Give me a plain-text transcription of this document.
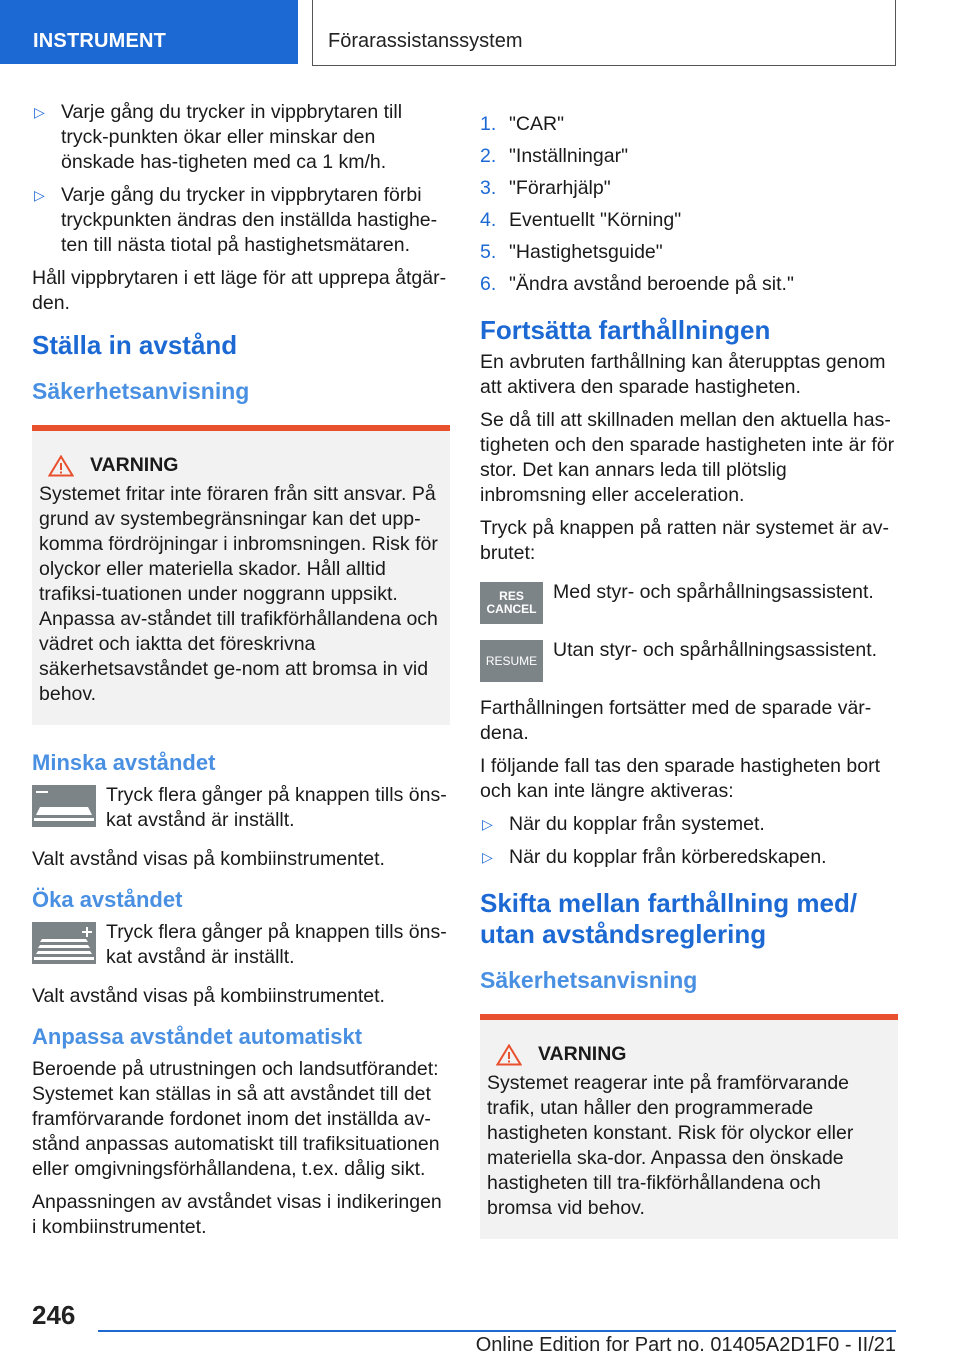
INSTRUMENT	Förarassistanssystem
▷ Varje gång du trycker in vippbrytaren till tryck-punkten ökar eller minskar den önskade has-tigheten med ca 1 km/h.
▷ Varje gång du trycker in vippbrytaren förbi tryckpunkten ändras den inställda hastighe-ten till nästa tiotal på hastighetsmätaren.

Håll vippbrytaren i ett läge för att upprepa åtgär-den.

Ställa in avstånd
Säkerhetsanvisning
VARNING
Systemet fritar inte föraren från sitt ansvar. På grund av systembegränsningar kan det upp-komma fördröjningar i inbromsningen. Risk för olyckor eller materiella skador. Håll alltid trafiksi-tuationen under noggrann uppsikt. Anpassa av-ståndet till trafikförhållandena och vädret och iaktta det föreskrivna säkerhetsavståndet ge-nom att bromsa in vid behov.
Minska avståndet
Tryck flera gånger på knappen tills öns-kat avstånd är inställt.

Valt avstånd visas på kombiinstrumentet.

Öka avståndet
Tryck flera gånger på knappen tills öns-kat avstånd är inställt.

Valt avstånd visas på kombiinstrumentet.

Anpassa avståndet automatiskt

Beroende på utrustningen och landsutförandet: Systemet kan ställas in så att avståndet till det framförvarande fordonet inom det inställda av-stånd anpassas automatiskt till trafiksituationen eller omgivningsförhållandena, t.ex. dålig sikt.

Anpassningen av avståndet visas i indikeringen i kombiinstrumentet.

1. "CAR"
2. "Inställningar"
3. "Förarhjälp"
4. Eventuellt "Körning"
5. "Hastighetsguide"
6. "Ändra avstånd beroende på sit."
Fortsätta farthållningen

En avbruten farthållning kan återupptas genom att aktivera den sparade hastigheten.

Se då till att skillnaden mellan den aktuella has-tigheten och den sparade hastigheten inte är för stor. Det kan annars leda till plötslig inbromsning eller acceleration.

Tryck på knappen på ratten när systemet är av-brutet:

RES
CANCEL
Med styr- och spårhållningsassistent.
RESUME Utan styr- och spårhållningsassistent.

Farthållningen fortsätter med de sparade vär-dena.

I följande fall tas den sparade hastigheten bort och kan inte längre aktiveras:

▷ När du kopplar från systemet.
▷ När du kopplar från körberedskapen.
Skifta mellan farthållning med/ utan avståndsreglering
Säkerhetsanvisning
VARNING
Systemet reagerar inte på framförvarande trafik, utan håller den programmerade hastigheten konstant. Risk för olyckor eller materiella ska-dor. Anpassa den önskade hastigheten till tra-fikförhållandena och bromsa vid behov.
246
Online Edition for Part no. 01405A2D1F0 - II/21
